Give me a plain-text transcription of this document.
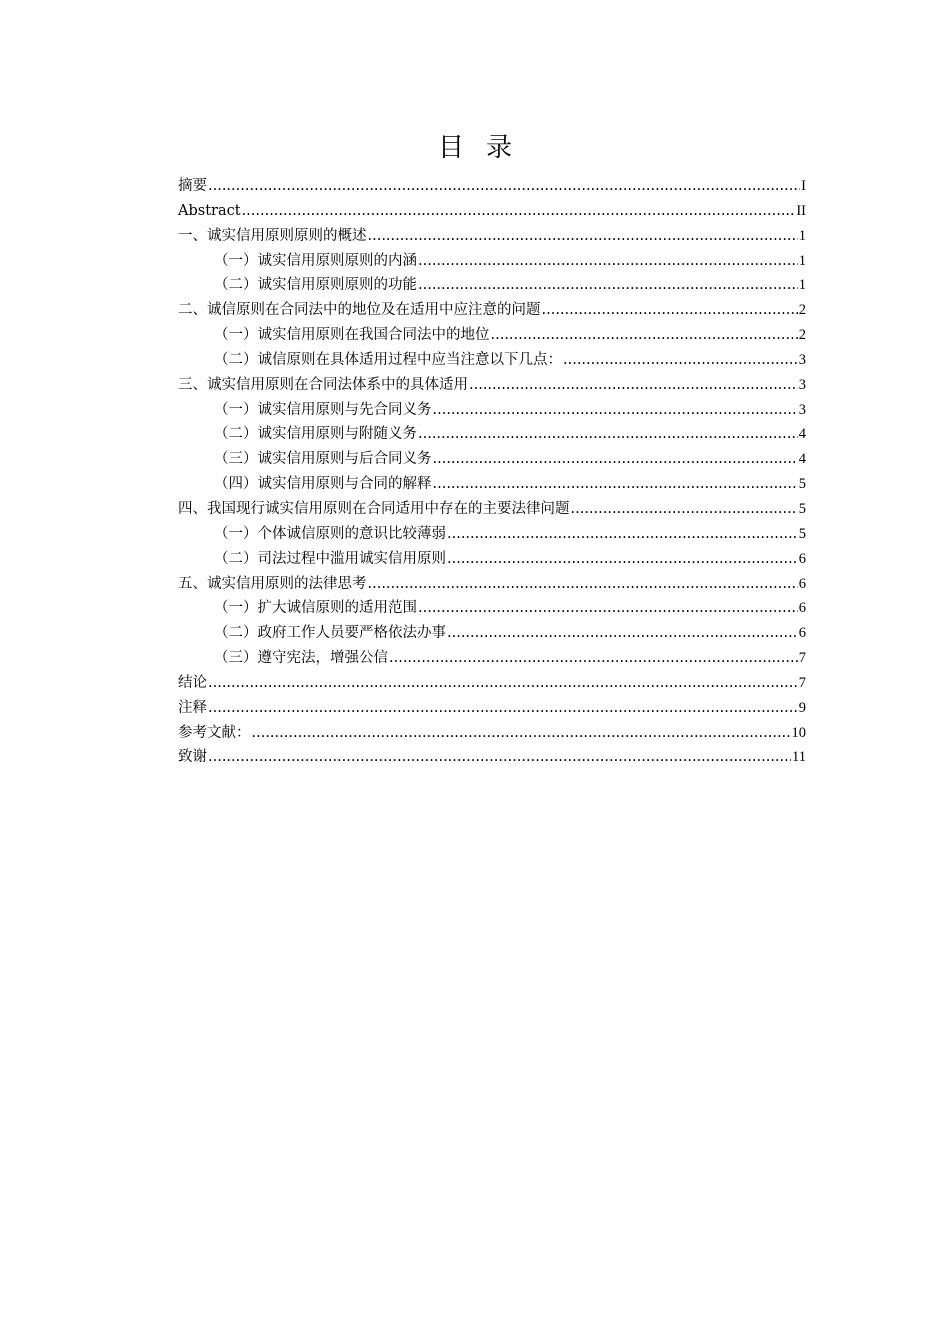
目录
摘要 .....	I
Abstract .....	II
一、诚实信用原则原则的概述 .....	1
（一）诚实信用原则原则的内涵 .....	1
（二）诚实信用原则原则的功能 .....	1
二、诚信原则在合同法中的地位及在适用中应注意的问题 .....	2
（一）诚实信用原则在我国合同法中的地位 .....	2
（二）诚信原则在具体适用过程中应当注意以下几点： .....	3
三、诚实信用原则在合同法体系中的具体适用 .....	3
（一）诚实信用原则与先合同义务 .....	3
（二）诚实信用原则与附随义务 .....	4
（三）诚实信用原则与后合同义务 .....	4
（四）诚实信用原则与合同的解释 .....	5
四、我国现行诚实信用原则在合同适用中存在的主要法律问题 .....	5
（一）个体诚信原则的意识比较薄弱 .....	5
（二）司法过程中滥用诚实信用原则 .....	6
五、诚实信用原则的法律思考 .....	6
（一）扩大诚信原则的适用范围 .....	6
（二）政府工作人员要严格依法办事 .....	6
（三）遵守宪法，增强公信 .....	7
结论 .....	7
注释 .....	9
参考文献： .....	10
致谢 .....	11
